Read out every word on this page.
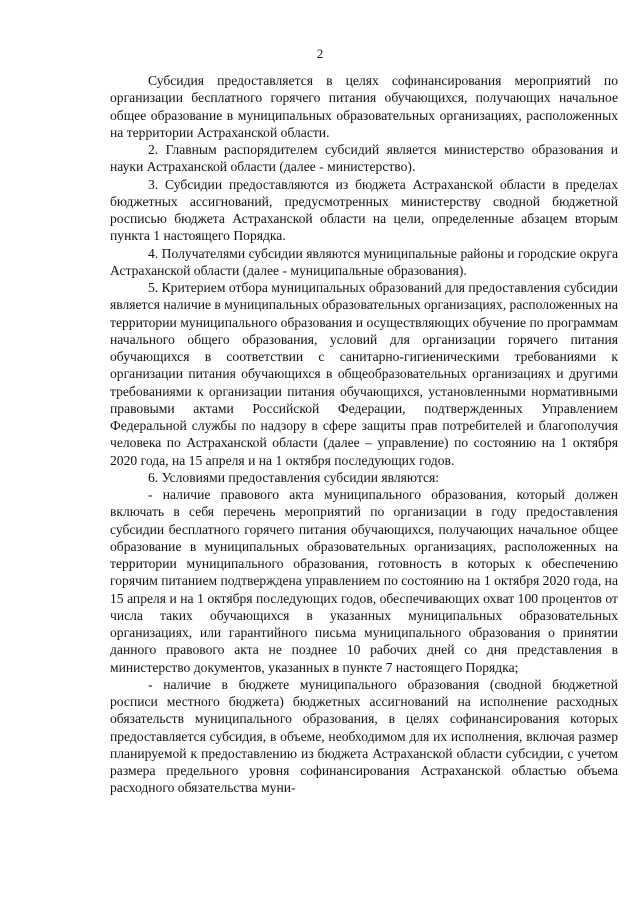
2

Субсидия предоставляется в целях софинансирования мероприятий по организации бесплатного горячего питания обучающихся, получающих начальное общее образование в муниципальных образовательных организациях, расположенных на территории Астраханской области.

2. Главным распорядителем субсидий является министерство образования и науки Астраханской области (далее - министерство).

3. Субсидии предоставляются из бюджета Астраханской области в пределах бюджетных ассигнований, предусмотренных министерству сводной бюджетной росписью бюджета Астраханской области на цели, определенные абзацем вторым пункта 1 настоящего Порядка.

4. Получателями субсидии являются муниципальные районы и городские округа Астраханской области (далее - муниципальные образования).

5. Критерием отбора муниципальных образований для предоставления субсидии является наличие в муниципальных образовательных организациях, расположенных на территории муниципального образования и осуществляющих обучение по программам начального общего образования, условий для организации горячего питания обучающихся в соответствии с санитарно-гигиеническими требованиями к организации питания обучающихся в общеобразовательных организациях и другими требованиями к организации питания обучающихся, установленными нормативными правовыми актами Российской Федерации, подтвержденных Управлением Федеральной службы по надзору в сфере защиты прав потребителей и благополучия человека по Астраханской области (далее – управление) по состоянию на 1 октября 2020 года, на 15 апреля и на 1 октября последующих годов.

6. Условиями предоставления субсидии являются:

- наличие правового акта муниципального образования, который должен включать в себя перечень мероприятий по организации в году предоставления субсидии бесплатного горячего питания обучающихся, получающих начальное общее образование в муниципальных образовательных организациях, расположенных на территории муниципального образования, готовность в которых к обеспечению горячим питанием подтверждена управлением по состоянию на 1 октября 2020 года, на 15 апреля и на 1 октября последующих годов, обеспечивающих охват 100 процентов от числа таких обучающихся в указанных муниципальных образовательных организациях, или гарантийного письма муниципального образования о принятии данного правового акта не позднее 10 рабочих дней со дня представления в министерство документов, указанных в пункте 7 настоящего Порядка;

- наличие в бюджете муниципального образования (сводной бюджетной росписи местного бюджета) бюджетных ассигнований на исполнение расходных обязательств муниципального образования, в целях софинансирования которых предоставляется субсидия, в объеме, необходимом для их исполнения, включая размер планируемой к предоставлению из бюджета Астраханской области субсидии, с учетом размера предельного уровня софинансирования Астраханской областью объема расходного обязательства муни-
